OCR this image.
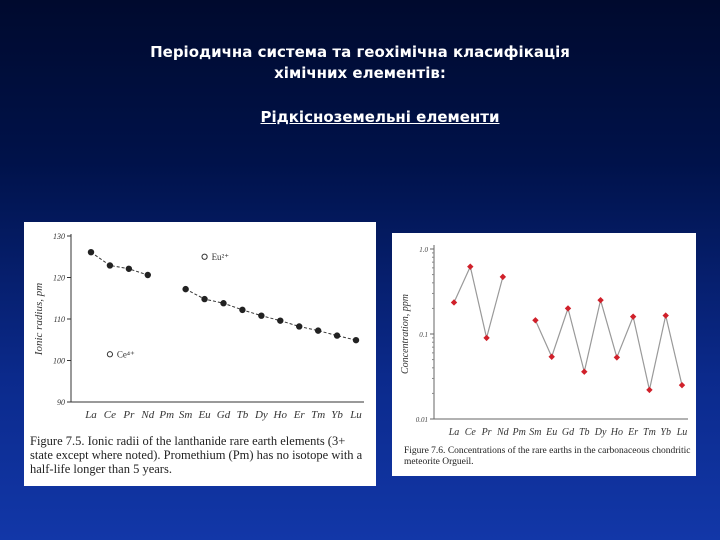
Періодична система та геохімічна класифікація
хімічних елементів:
Рідкісноземельні елементи
90
100
110
120
130
La Ce Pr Nd Pm Sm Eu Gd Tb Dy Ho Er Tm Yb Lu
Ionic radius, pm
Eu²⁺
Ce⁴⁺
Figure 7.5. Ionic radii of the lanthanide rare earth elements (3+ state except where noted). Promethium (Pm) has no isotope with a half-life longer than 5 years.
0.01
0.1
1.0
La Ce Pr Nd Pm Sm Eu Gd Tb Dy Ho Er Tm Yb Lu
Concentration, ppm
Figure 7.6. Concentrations of the rare earths in the carbonaceous chondritic meteorite Orgueil.
